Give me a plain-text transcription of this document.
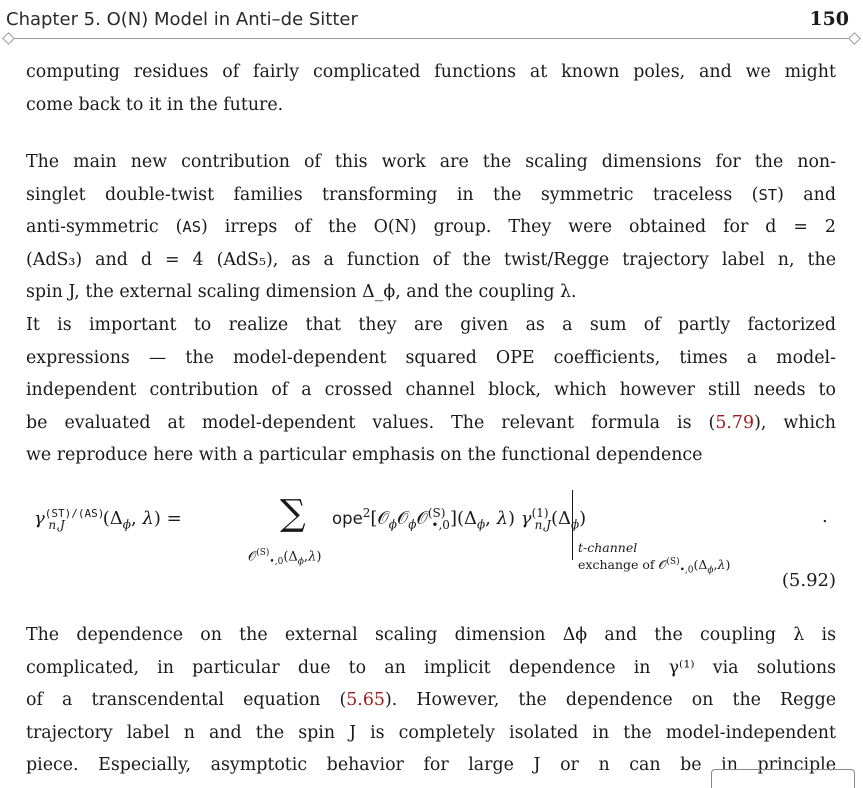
Chapter 5. O(N) Model in Anti–de Sitter	150
computing residues of fairly complicated functions at known poles, and we might
come back to it in the future.
The main new contribution of this work are the scaling dimensions for the non-
singlet double-twist families transforming in the symmetric traceless (ST) and
anti-symmetric (AS) irreps of the O(N) group. They were obtained for d = 2
(AdS₃) and d = 4 (AdS₅), as a function of the twist/Regge trajectory label n, the
spin J, the external scaling dimension Δ_ϕ, and the coupling λ.
It is important to realize that they are given as a sum of partly factorized
expressions — the model-dependent squared OPE coefficients, times a model-
independent contribution of a crossed channel block, which however still needs to
be evaluated at model-dependent values. The relevant formula is (5.79), which
we reproduce here with a particular emphasis on the functional dependence
$\gamma^{(ST)/(AS)}_{n,J}$ ($\Delta_\phi$, λ) =	∑
$𝒪^{(S)}_{•,0}(\Delta_\phi,\lambda)$
$ope^2[𝒪_\phi 𝒪_\phi 𝒪^{(S)}_{•,0}](\Delta_\phi$, λ) $\gamma^{(1)}_{n,J}(\Delta_\phi)$
t-channel
exchange of $𝒪^{(S)}_{•,0}(\Delta_\phi,\lambda)$
.
(5.92)
The dependence on the external scaling dimension Δϕ and the coupling λ is
complicated, in particular due to an implicit dependence in γ⁽¹⁾ via solutions
of a transcendental equation (5.65). However, the dependence on the Regge
trajectory label n and the spin J is completely isolated in the model-independent
piece. Especially, asymptotic behavior for large J or n can be in principle
